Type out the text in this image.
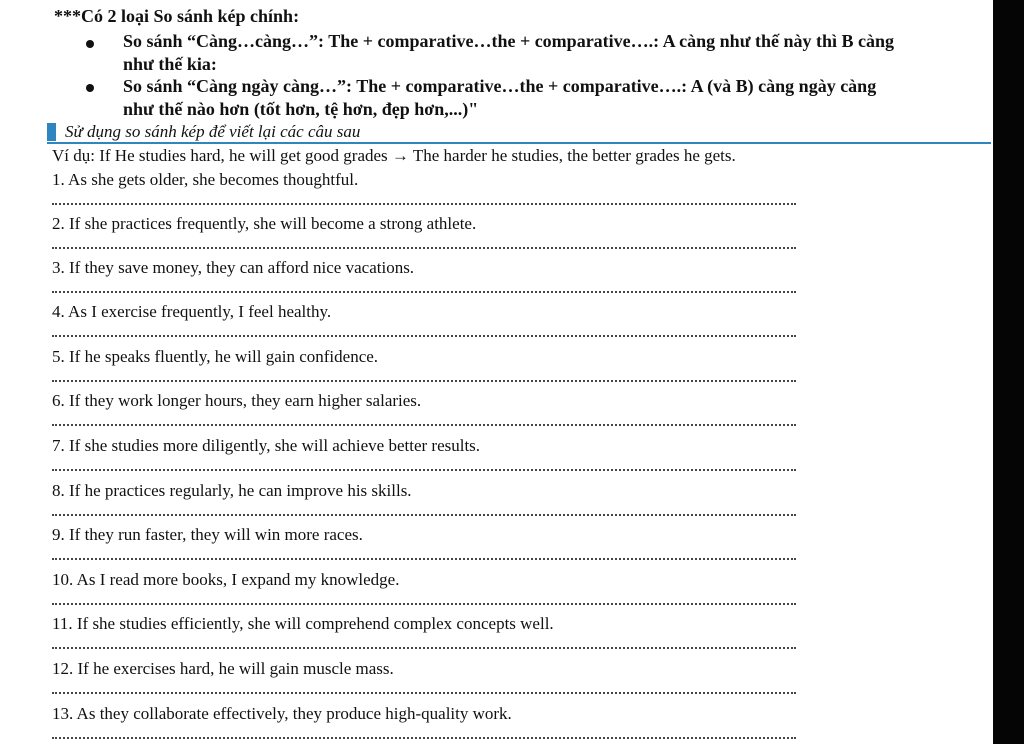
***Có 2 loại So sánh kép chính:
So sánh “Càng…càng…”: The + comparative…the + comparative….: A càng như thế này thì B càng
như thế kia:
So sánh “Càng ngày càng…”: The + comparative…the + comparative….: A (và B) càng ngày càng
như thế nào hơn (tốt hơn, tệ hơn, đẹp hơn,...)"
Sử dụng so sánh kép để viết lại các câu sau
Ví dụ: If He studies hard, he will get good grades → The harder he studies, the better grades he gets.
1. As she gets older, she becomes thoughtful.
2. If she practices frequently, she will become a strong athlete.
3. If they save money, they can afford nice vacations.
4. As I exercise frequently, I feel healthy.
5. If he speaks fluently, he will gain confidence.
6. If they work longer hours, they earn higher salaries.
7. If she studies more diligently, she will achieve better results.
8. If he practices regularly, he can improve his skills.
9. If they run faster, they will win more races.
10. As I read more books, I expand my knowledge.
11. If she studies efficiently, she will comprehend complex concepts well.
12. If he exercises hard, he will gain muscle mass.
13. As they collaborate effectively, they produce high-quality work.
